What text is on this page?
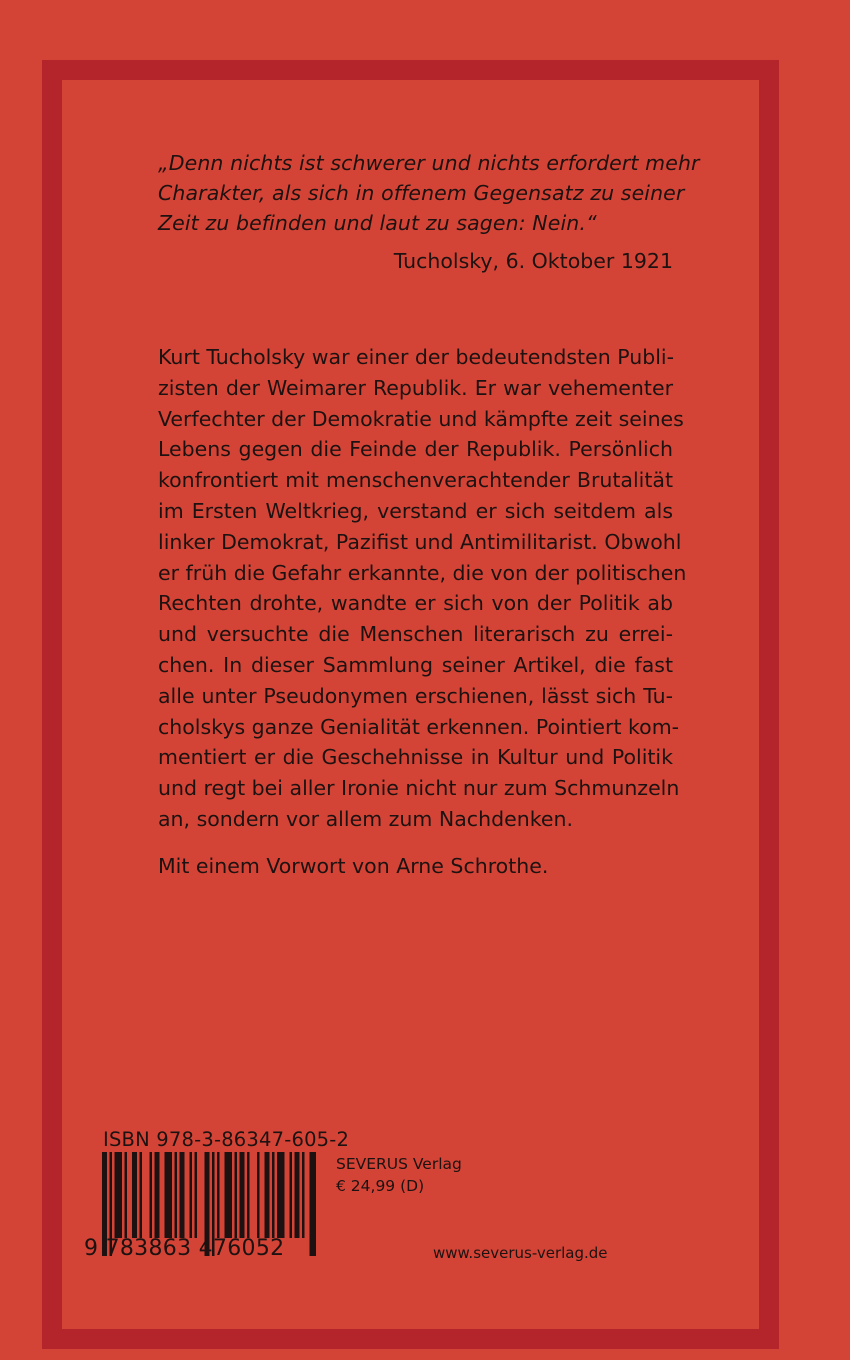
„Denn nichts ist schwerer und nichts erfordert mehr
Charakter, als sich in offenem Gegensatz zu seiner
Zeit zu befinden und laut zu sagen: Nein.“
Tucholsky, 6. Oktober 1921
Kurt Tucholsky war einer der bedeutendsten Publi-
zisten der Weimarer Republik. Er war vehementer
Verfechter der Demokratie und kämpfte zeit seines
Lebens gegen die Feinde der Republik. Persönlich
konfrontiert mit menschenverachtender Brutalität
im Ersten Weltkrieg, verstand er sich seitdem als
linker Demokrat, Pazifist und Antimilitarist. Obwohl
er früh die Gefahr erkannte, die von der politischen
Rechten drohte, wandte er sich von der Politik ab
und versuchte die Menschen literarisch zu errei-
chen. In dieser Sammlung seiner Artikel, die fast
alle unter Pseudonymen erschienen, lässt sich Tu-
cholskys ganze Genialität erkennen. Pointiert kom-
mentiert er die Geschehnisse in Kultur und Politik
und regt bei aller Ironie nicht nur zum Schmunzeln
an, sondern vor allem zum Nachdenken.
Mit einem Vorwort von Arne Schrothe.
ISBN 978-3-86347-605-2
9 783863 476052
SEVERUS Verlag
€ 24,99 (D)
www.severus-verlag.de
